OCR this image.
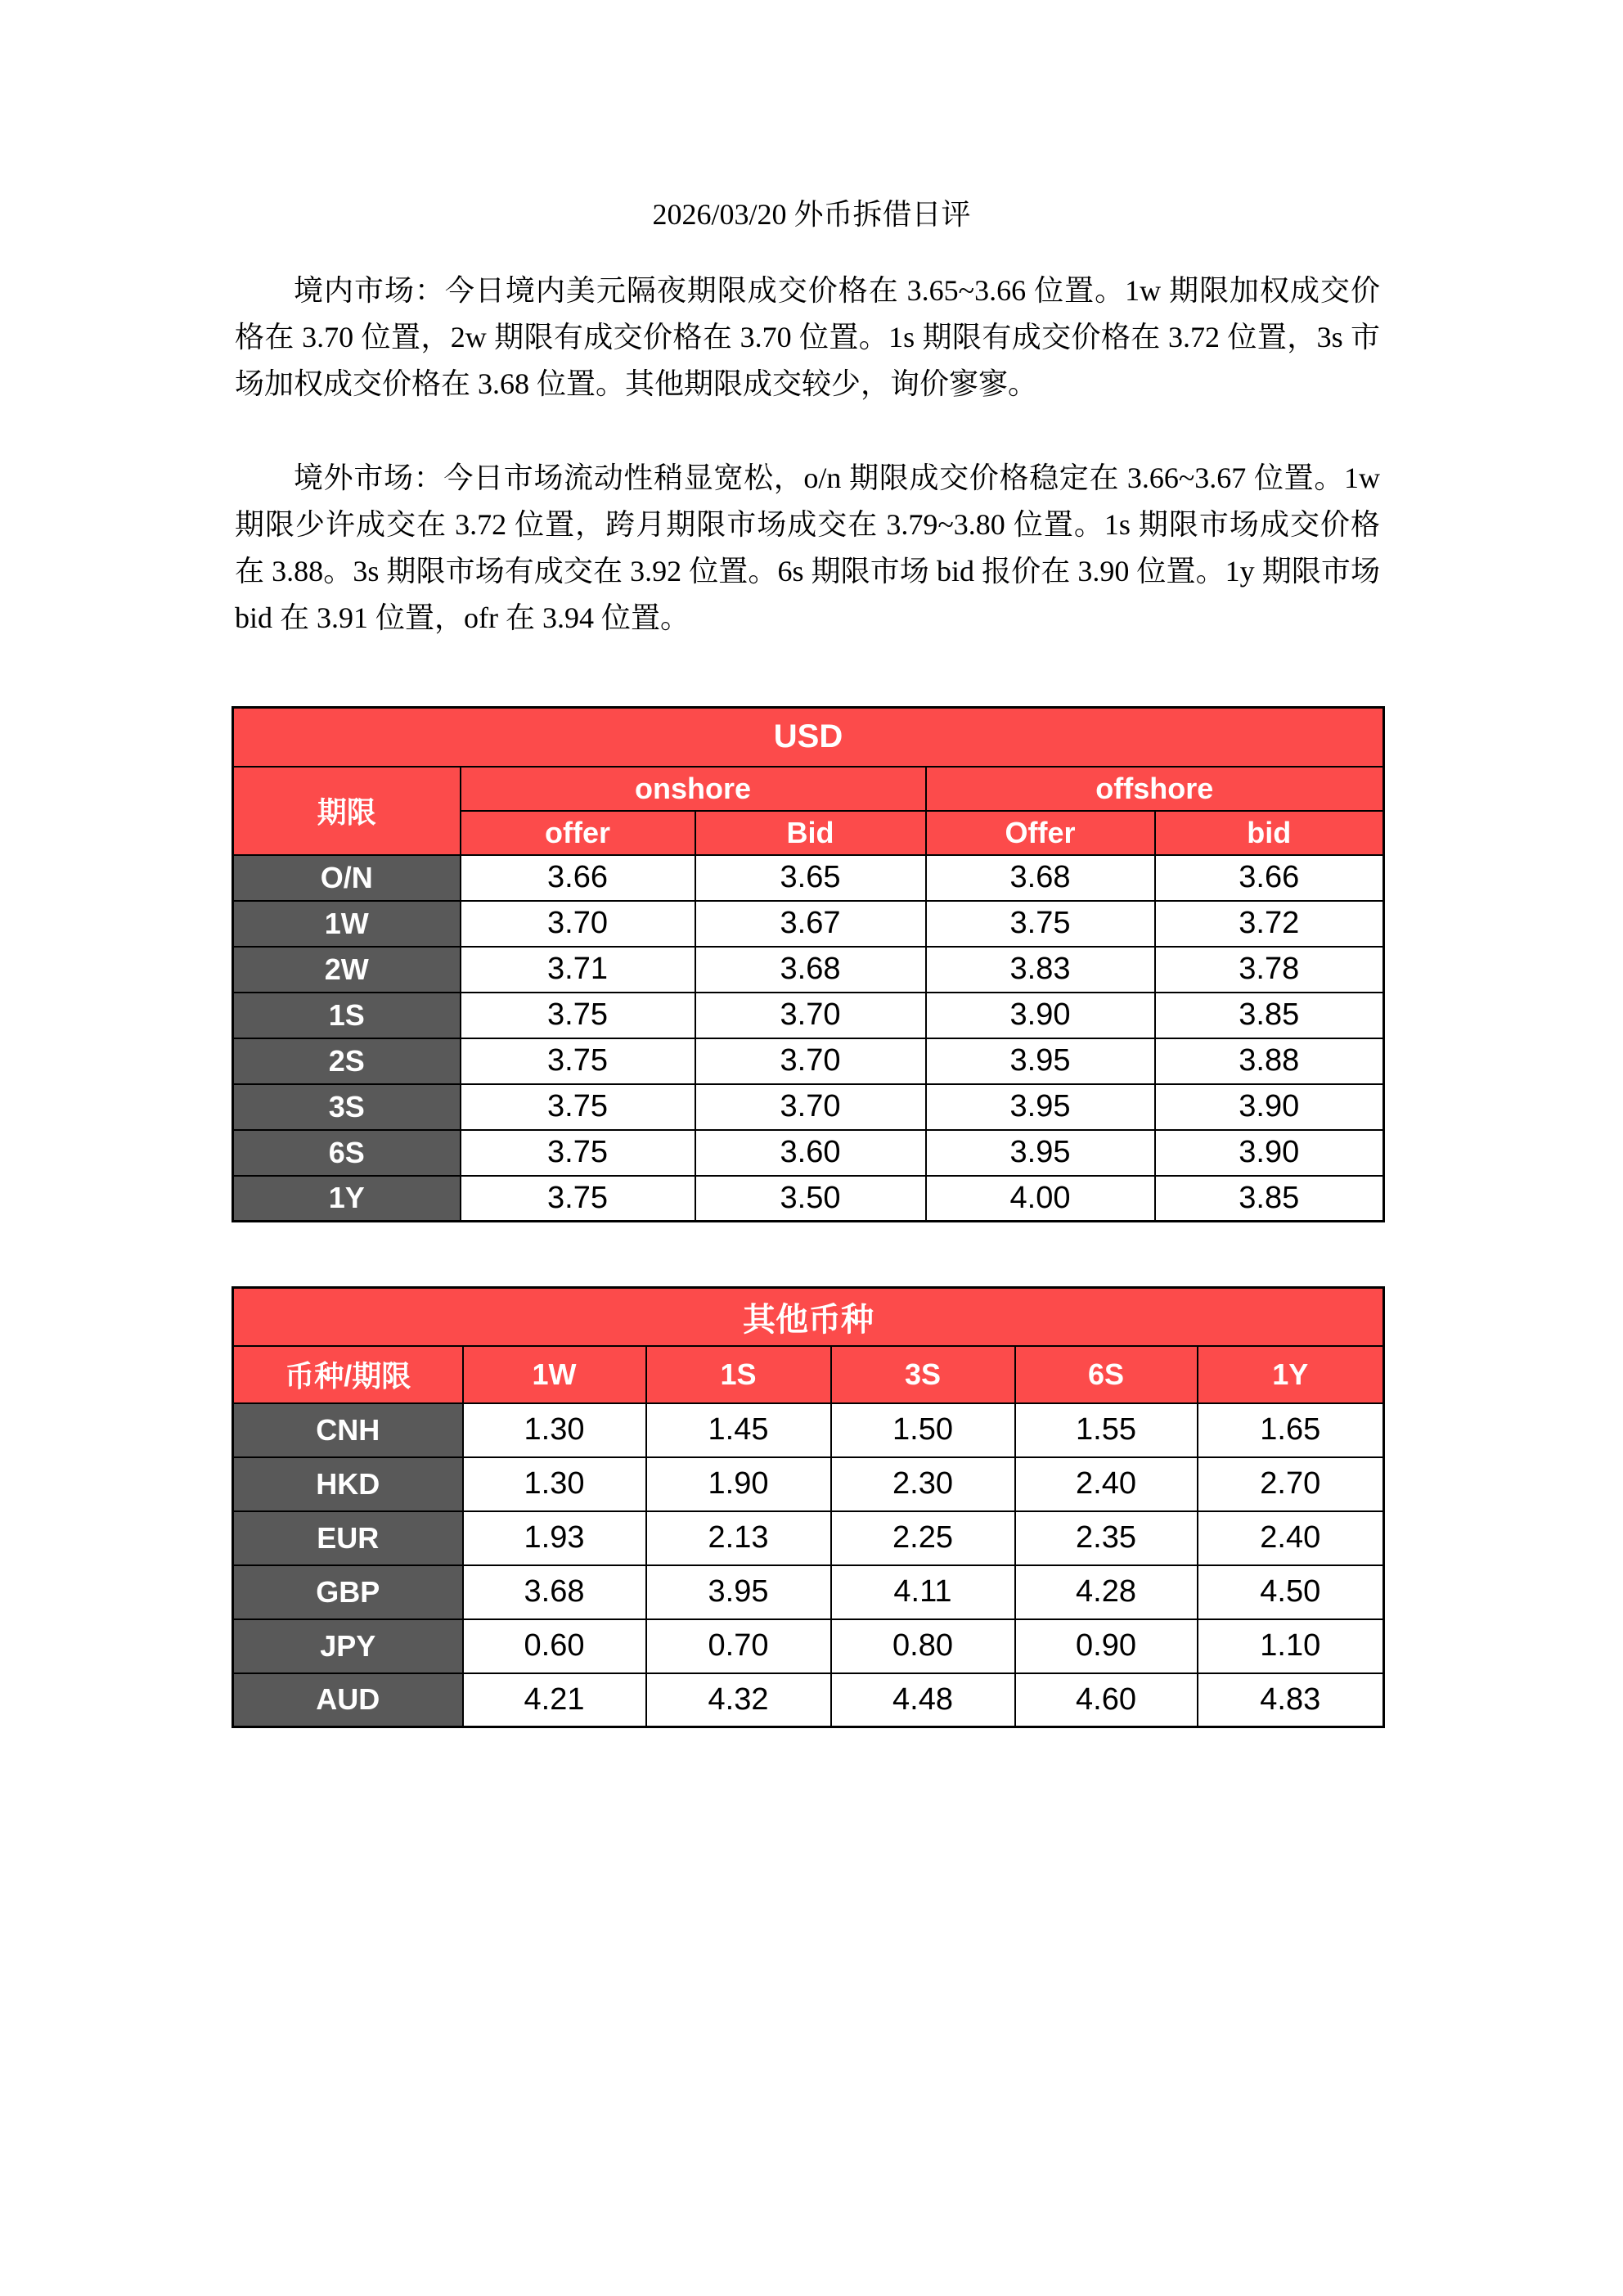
2026/03/20 外币拆借日评

境内市场：今日境内美元隔夜期限成交价格在 3.65~3.66 位置。1w 期限加权成交价格在 3.70 位置，2w 期限有成交价格在 3.70 位置。1s 期限有成交价格在 3.72 位置，3s 市场加权成交价格在 3.68 位置。其他期限成交较少，询价寥寥。

境外市场：今日市场流动性稍显宽松，o/n 期限成交价格稳定在 3.66~3.67 位置。1w 期限少许成交在 3.72 位置，跨月期限市场成交在 3.79~3.80 位置。1s 期限市场成交价格在 3.88。3s 期限市场有成交在 3.92 位置。6s 期限市场 bid 报价在 3.90 位置。1y 期限市场 bid 在 3.91 位置，ofr 在 3.94 位置。

USD				
期限	onshore		offshore	
	offer	Bid	Offer	bid
O/N	3.66	3.65	3.68	3.66
1W	3.70	3.67	3.75	3.72
2W	3.71	3.68	3.83	3.78
1S	3.75	3.70	3.90	3.85
2S	3.75	3.70	3.95	3.88
3S	3.75	3.70	3.95	3.90
6S	3.75	3.60	3.95	3.90
1Y	3.75	3.50	4.00	3.85
其他币种					
币种/期限	1W	1S	3S	6S	1Y
CNH	1.30	1.45	1.50	1.55	1.65
HKD	1.30	1.90	2.30	2.40	2.70
EUR	1.93	2.13	2.25	2.35	2.40
GBP	3.68	3.95	4.11	4.28	4.50
JPY	0.60	0.70	0.80	0.90	1.10
AUD	4.21	4.32	4.48	4.60	4.83
